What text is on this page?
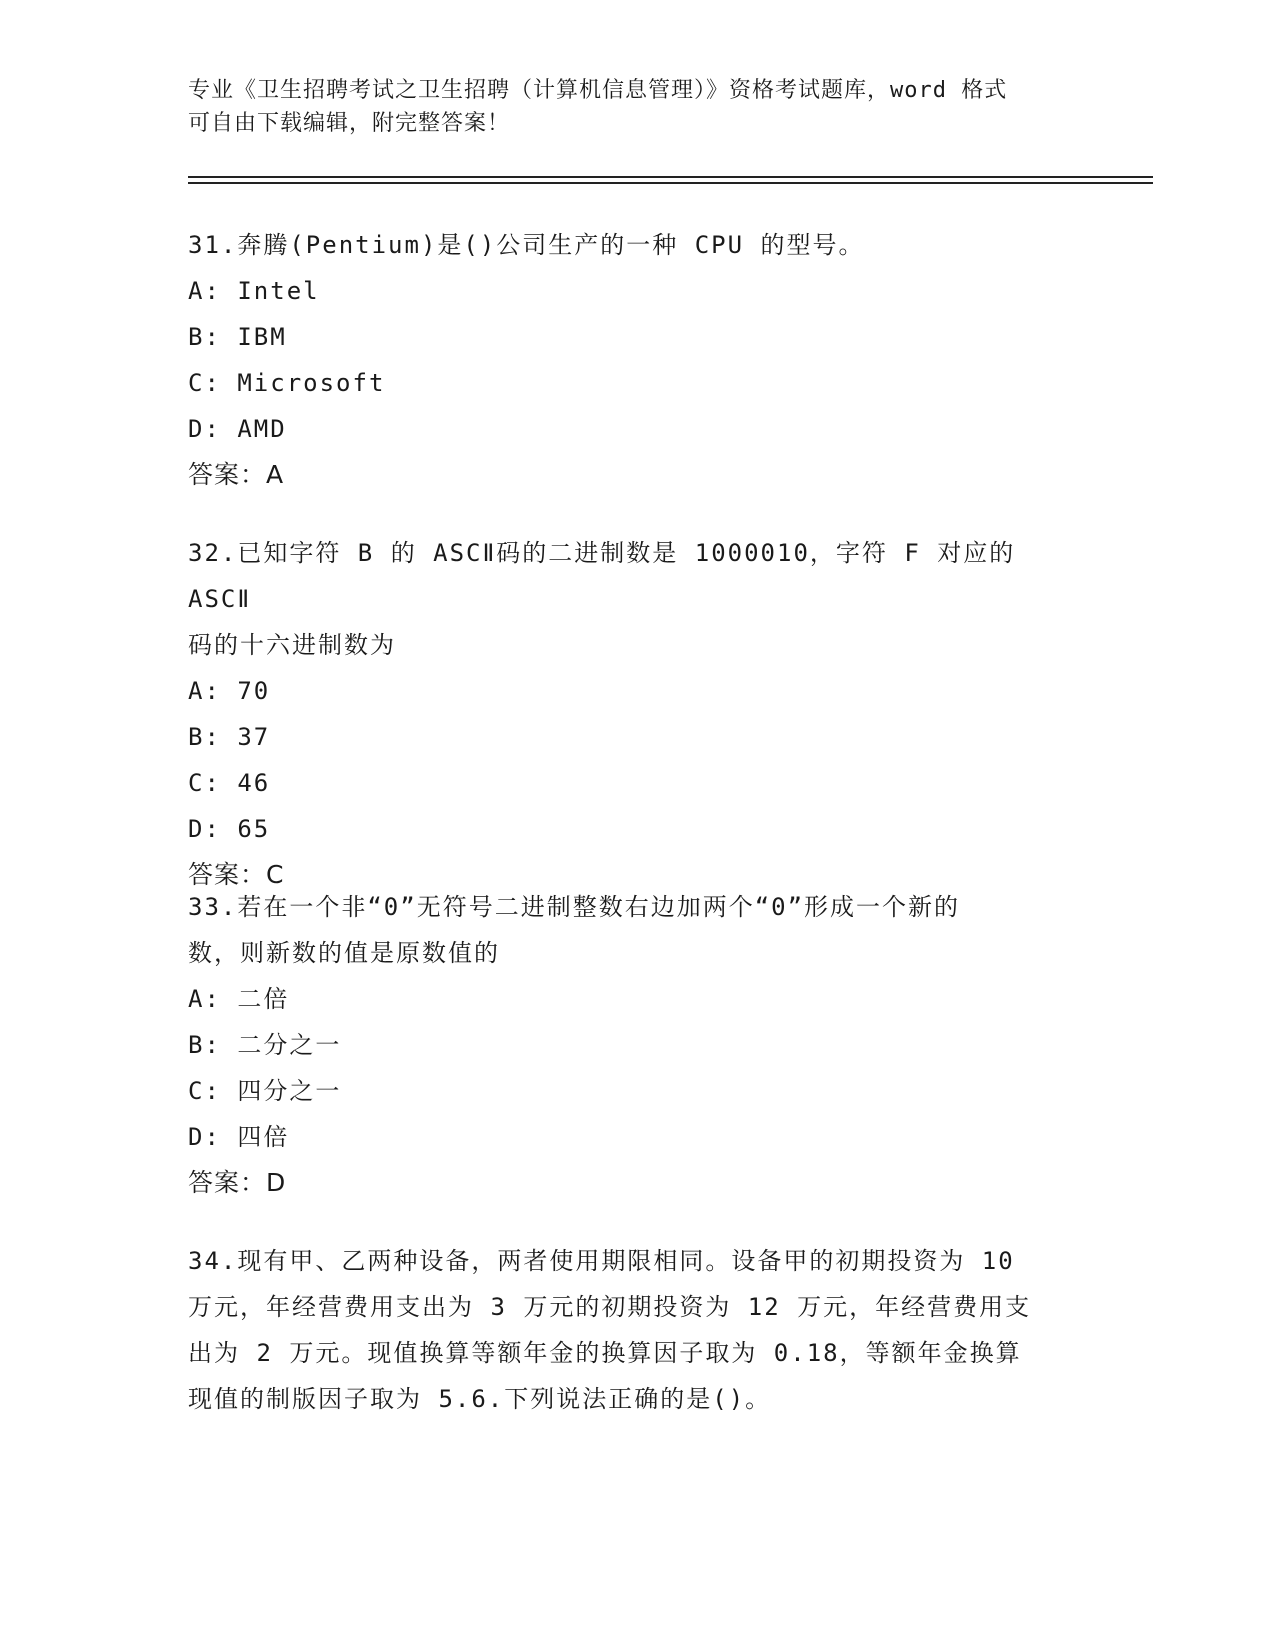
专业《卫生招聘考试之卫生招聘（计算机信息管理）》资格考试题库，word 格式
可自由下载编辑，附完整答案！

31.奔腾(Pentium)是()公司生产的一种 CPU 的型号。

A: Intel

B: IBM

C: Microsoft

D: AMD

答案：A

32.已知字符 B 的 ASCⅡ码的二进制数是 1000010，字符 F 对应的 ASCⅡ

码的十六进制数为

A: 70

B: 37

C: 46

D: 65

答案：C

33.若在一个非“0”无符号二进制整数右边加两个“0”形成一个新的

数，则新数的值是原数值的

A: 二倍

B: 二分之一

C: 四分之一

D: 四倍

答案：D

34.现有甲、乙两种设备，两者使用期限相同。设备甲的初期投资为 10

万元，年经营费用支出为 3 万元的初期投资为 12 万元，年经营费用支

出为 2 万元。现值换算等额年金的换算因子取为 0.18，等额年金换算

现值的制版因子取为 5.6.下列说法正确的是()。
